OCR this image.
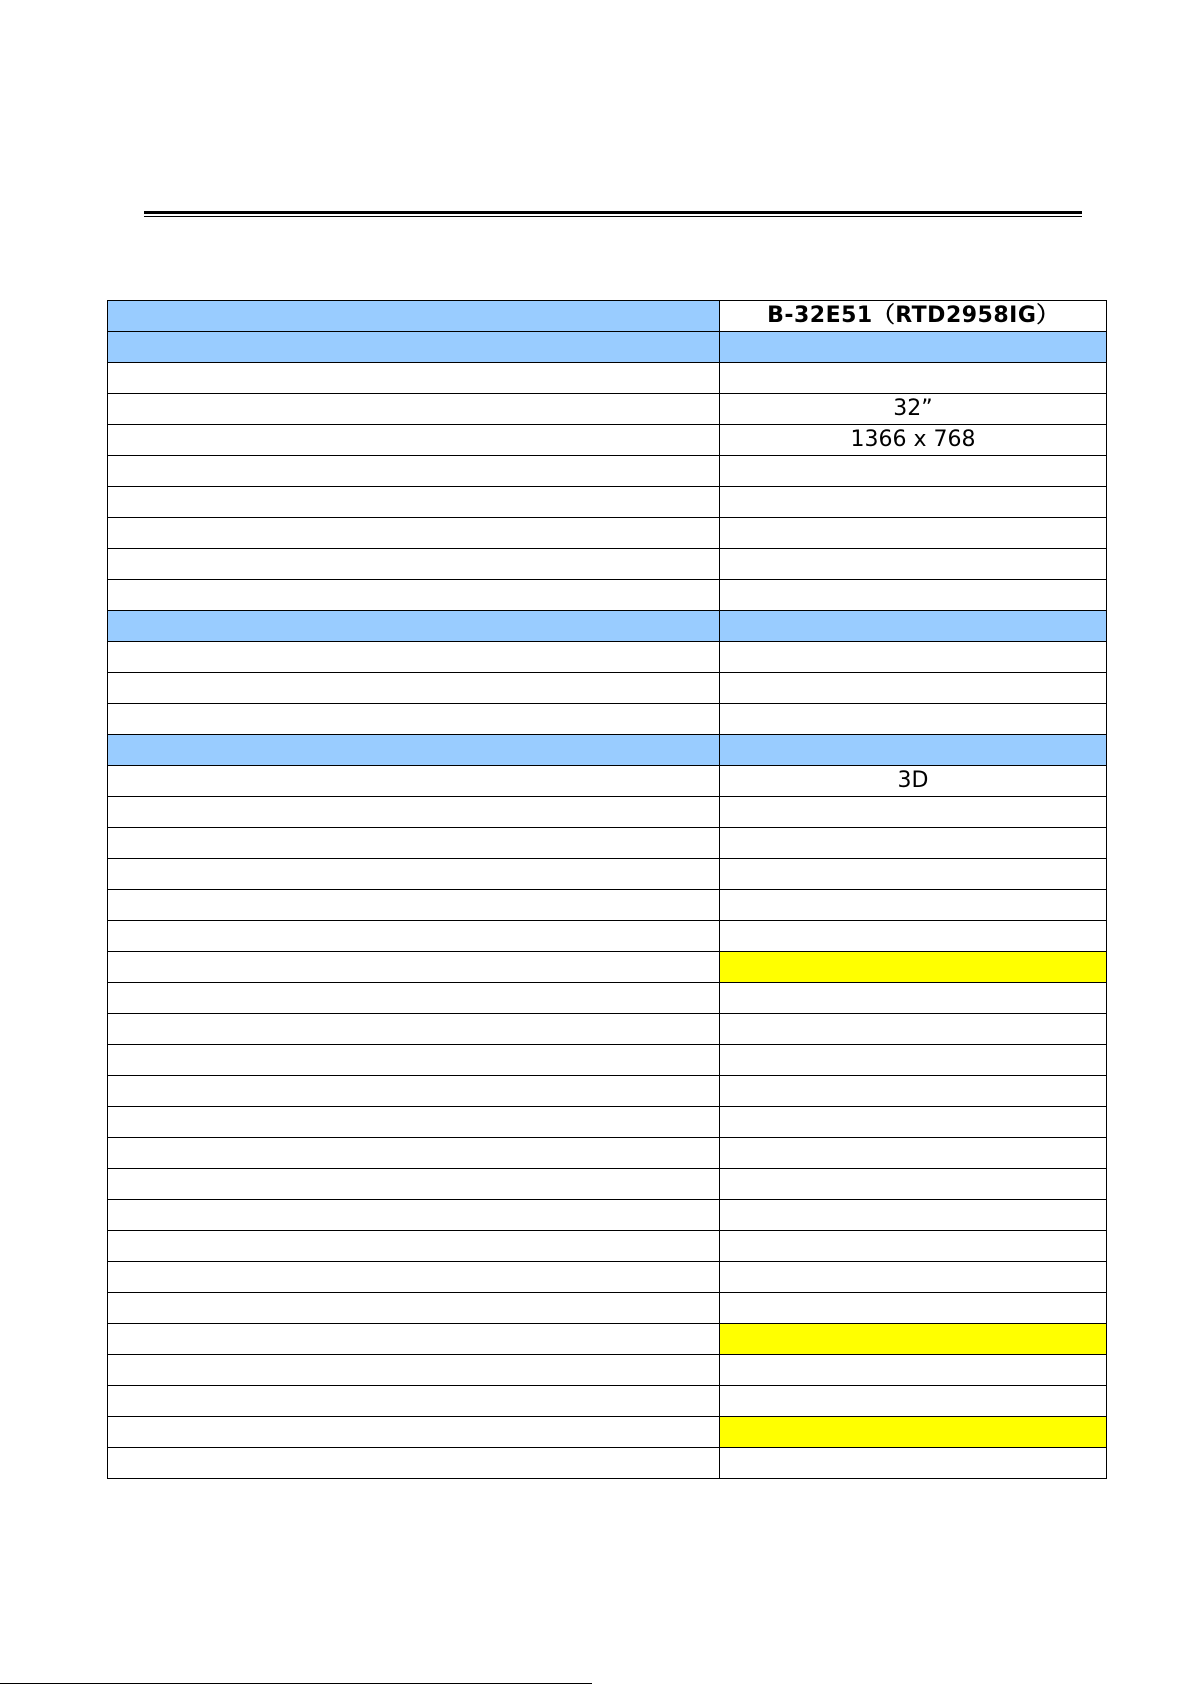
	B-32E51（RTD2958IG）

	32”
	1366 x 768

	3D
